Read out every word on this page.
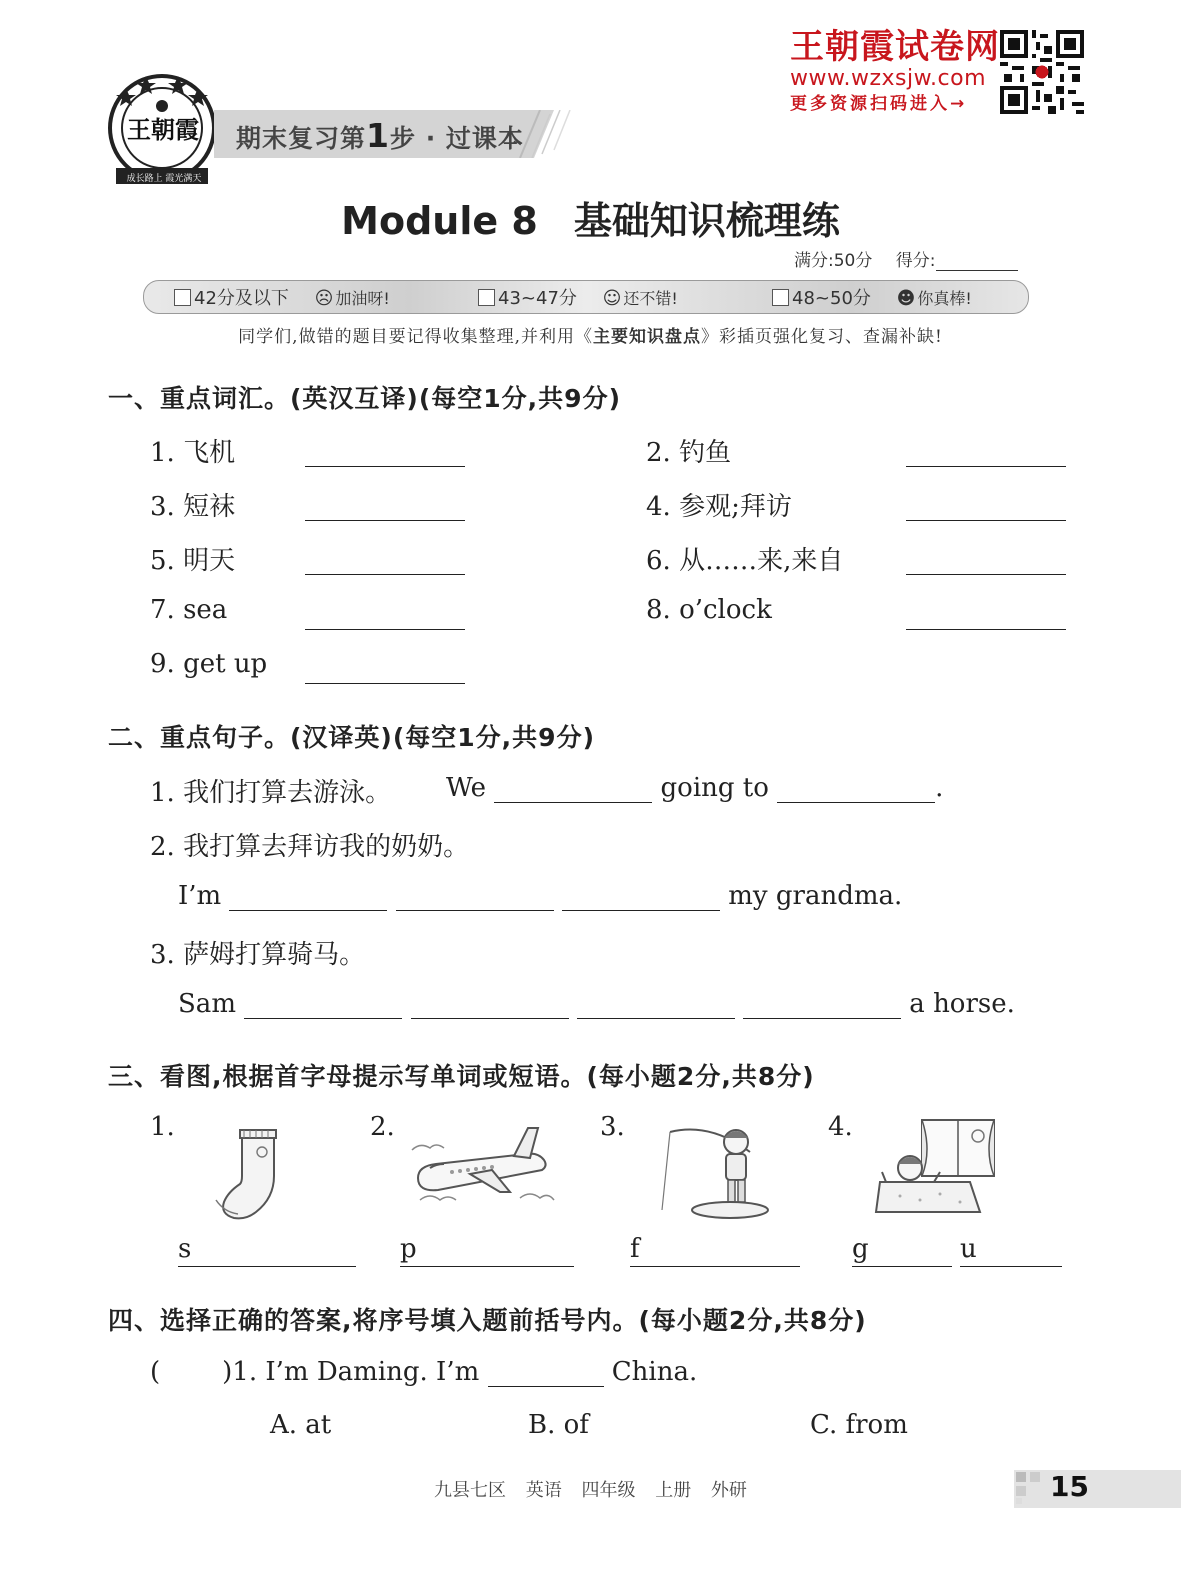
王朝霞
成长路上 霞光满天
期末复习第1步 · 过课本
王朝霞试卷网
www.wzxsjw.com
更多资源扫码进入→
Module 8 基础知识梳理练
满分:50分 得分:
42分及以下 ☹ 加油呀!	43~47分 ☺ 还不错!	48~50分 ☻ 你真棒!
同学们,做错的题目要记得收集整理,并利用《主要知识盘点》彩插页强化复习、查漏补缺!
一、重点词汇。(英汉互译)(每空1分,共9分)
1. 飞机	2. 钓鱼
3. 短袜	4. 参观;拜访
5. 明天	6. 从……来,来自
7. sea	8. o’clock
9. get up
二、重点句子。(汉译英)(每空1分,共9分)
1. 我们打算去游泳。 We	going to	.
2. 我打算去拜访我的奶奶。
I’m	my grandma.
3. 萨姆打算骑马。
Sam	a horse.
三、看图,根据首字母提示写单词或短语。(每小题2分,共8分)
1.	2.	3.	4.
s	p	f	g	u
四、选择正确的答案,将序号填入题前括号内。(每小题2分,共8分)
( )1. I’m Daming. I’m	China.
A. at	B. of	C. from
九县七区 英语 四年级 上册 外研	15
